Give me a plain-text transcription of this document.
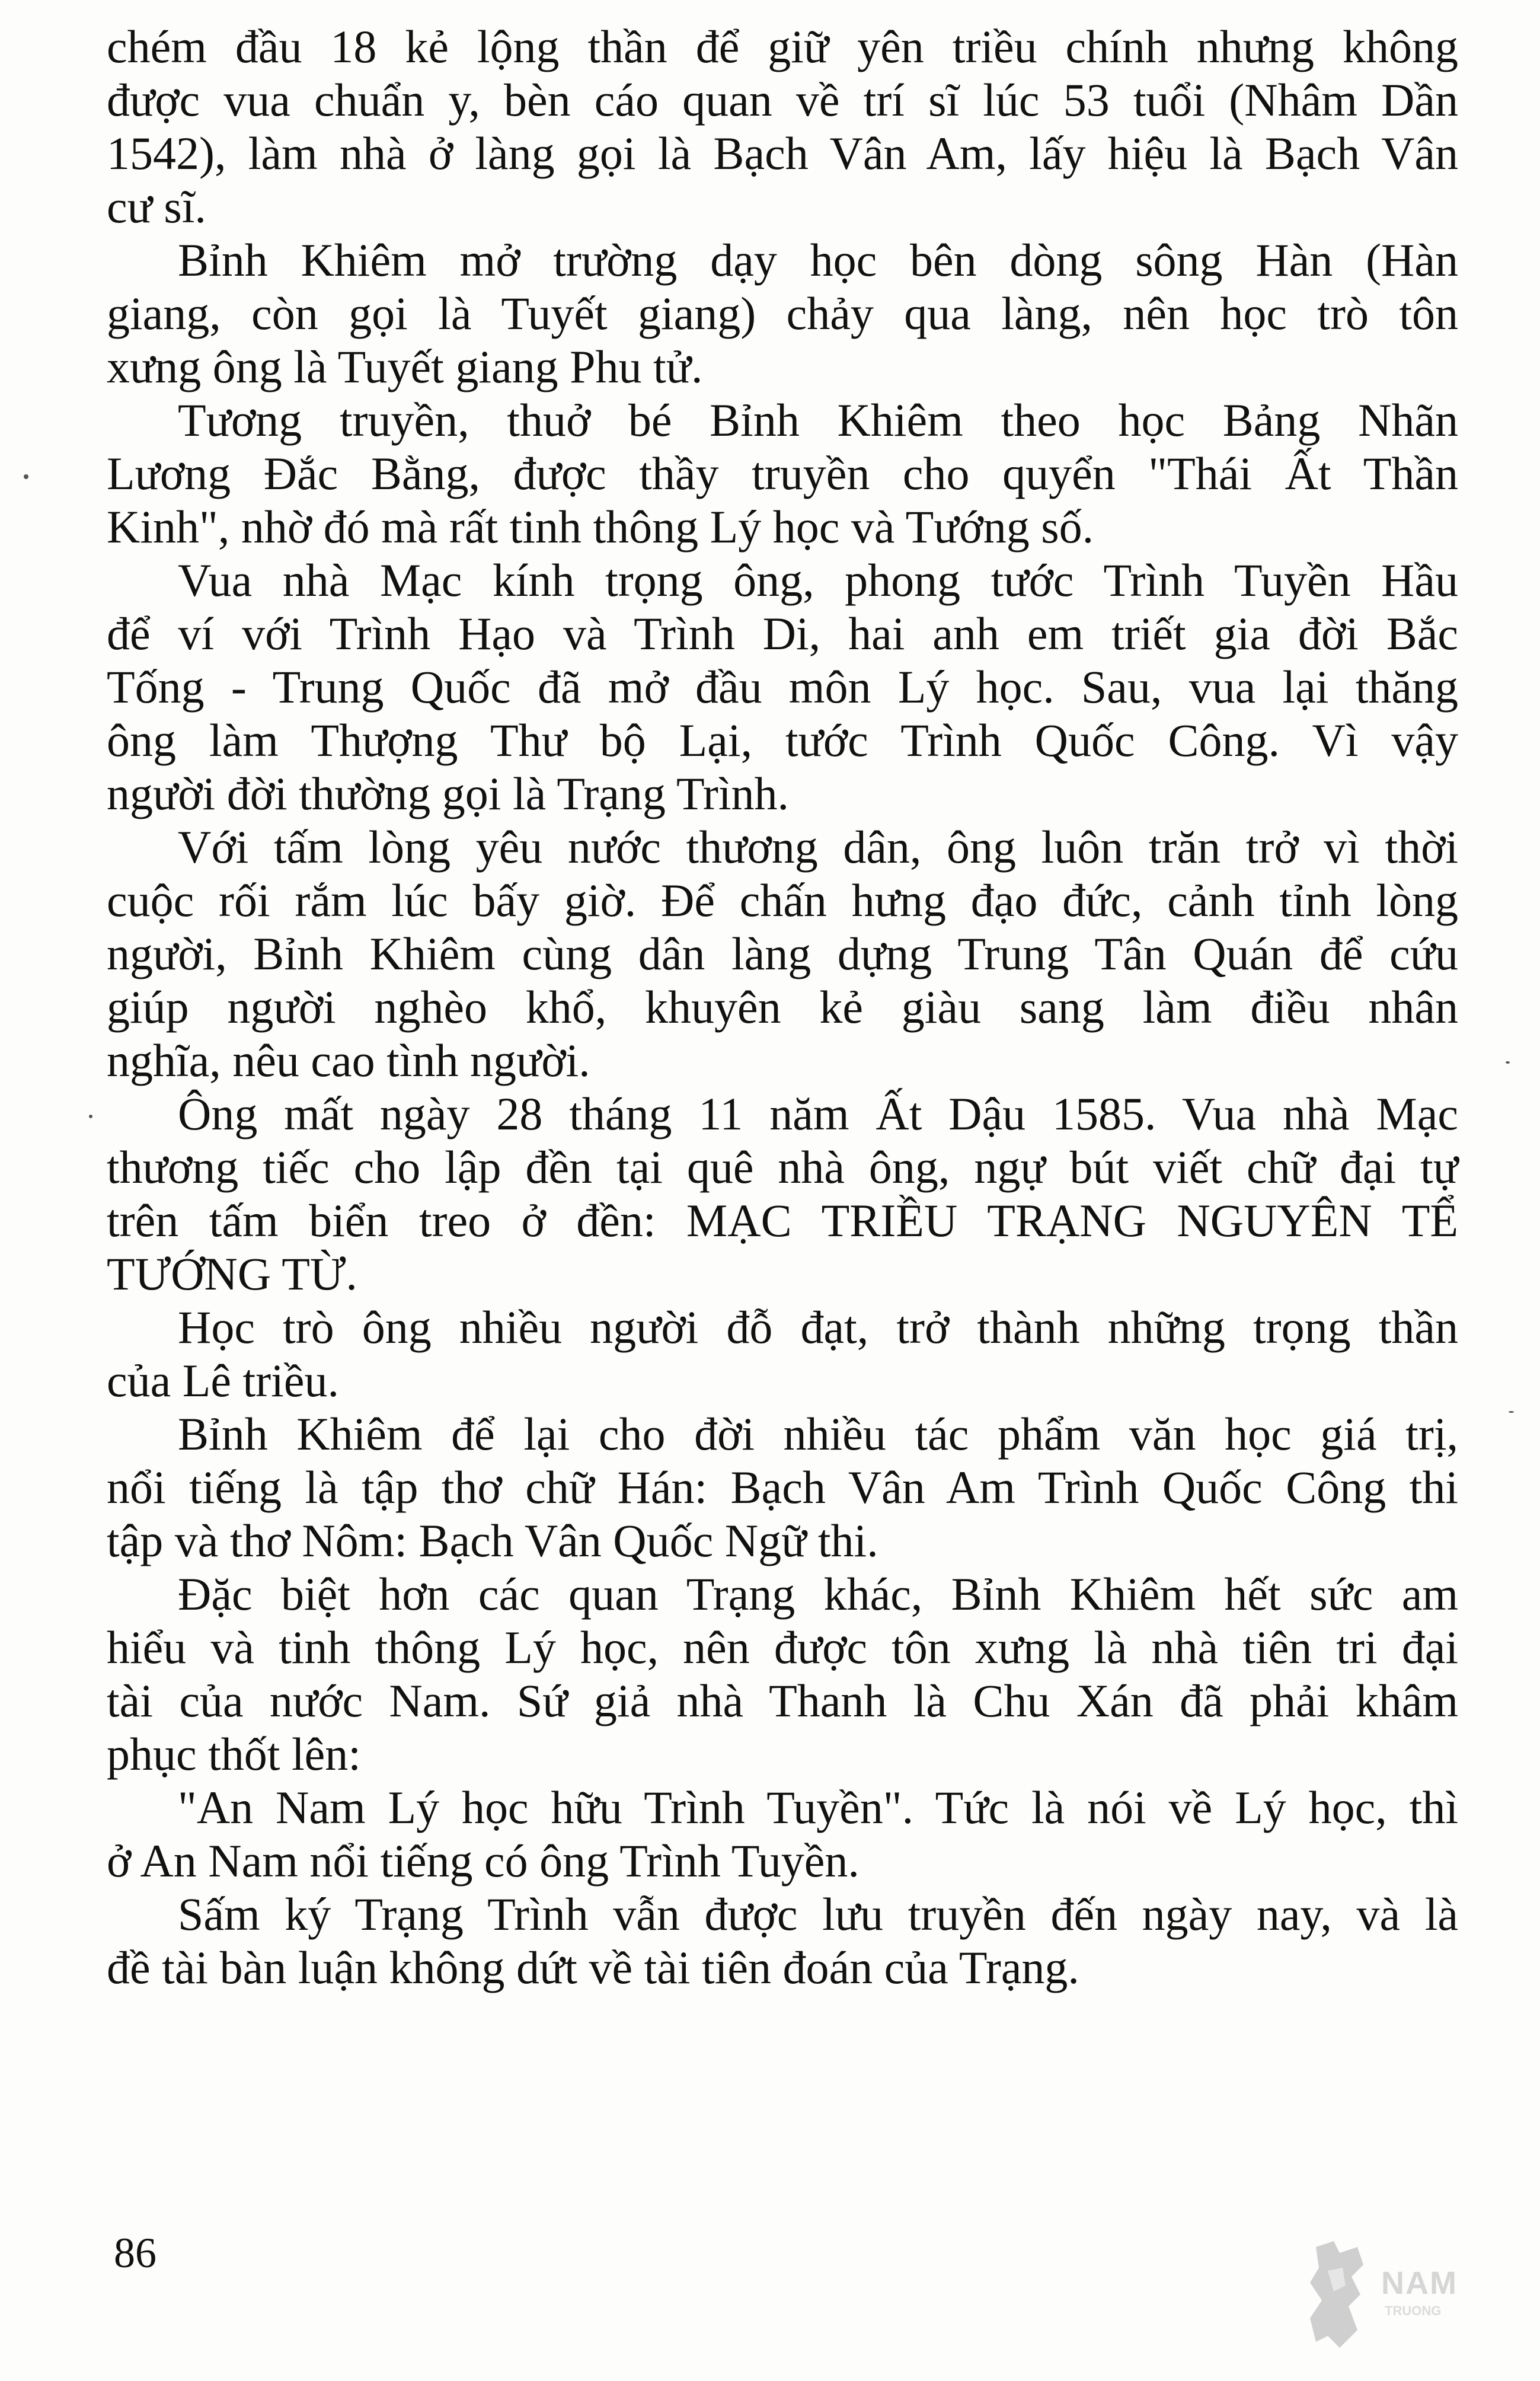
chém đầu 18 kẻ lộng thần để giữ yên triều chính nhưng không
được vua chuẩn y, bèn cáo quan về trí sĩ lúc 53 tuổi (Nhâm Dần
1542), làm nhà ở làng gọi là Bạch Vân Am, lấy hiệu là Bạch Vân
cư sĩ.
Bỉnh Khiêm mở trường dạy học bên dòng sông Hàn (Hàn
giang, còn gọi là Tuyết giang) chảy qua làng, nên học trò tôn
xưng ông là Tuyết giang Phu tử.
Tương truyền, thuở bé Bỉnh Khiêm theo học Bảng Nhãn
Lương Đắc Bằng, được thầy truyền cho quyển "Thái Ất Thần
Kinh", nhờ đó mà rất tinh thông Lý học và Tướng số.
Vua nhà Mạc kính trọng ông, phong tước Trình Tuyền Hầu
để ví với Trình Hạo và Trình Di, hai anh em triết gia đời Bắc
Tống - Trung Quốc đã mở đầu môn Lý học. Sau, vua lại thăng
ông làm Thượng Thư bộ Lại, tước Trình Quốc Công. Vì vậy
người đời thường gọi là Trạng Trình.
Với tấm lòng yêu nước thương dân, ông luôn trăn trở vì thời
cuộc rối rắm lúc bấy giờ. Để chấn hưng đạo đức, cảnh tỉnh lòng
người, Bỉnh Khiêm cùng dân làng dựng Trung Tân Quán để cứu
giúp người nghèo khổ, khuyên kẻ giàu sang làm điều nhân
nghĩa, nêu cao tình người.
Ông mất ngày 28 tháng 11 năm Ất Dậu 1585. Vua nhà Mạc
thương tiếc cho lập đền tại quê nhà ông, ngự bút viết chữ đại tự
trên tấm biển treo ở đền: MẠC TRIỀU TRẠNG NGUYÊN TỂ
TƯỚNG TỪ.
Học trò ông nhiều người đỗ đạt, trở thành những trọng thần
của Lê triều.
Bỉnh Khiêm để lại cho đời nhiều tác phẩm văn học giá trị,
nổi tiếng là tập thơ chữ Hán: Bạch Vân Am Trình Quốc Công thi
tập và thơ Nôm: Bạch Vân Quốc Ngữ thi.
Đặc biệt hơn các quan Trạng khác, Bỉnh Khiêm hết sức am
hiểu và tinh thông Lý học, nên được tôn xưng là nhà tiên tri đại
tài của nước Nam. Sứ giả nhà Thanh là Chu Xán đã phải khâm
phục thốt lên:
"An Nam Lý học hữu Trình Tuyền". Tức là nói về Lý học, thì
ở An Nam nổi tiếng có ông Trình Tuyền.
Sấm ký Trạng Trình vẫn được lưu truyền đến ngày nay, và là
đề tài bàn luận không dứt về tài tiên đoán của Trạng.
86
NAM
TRUONG
